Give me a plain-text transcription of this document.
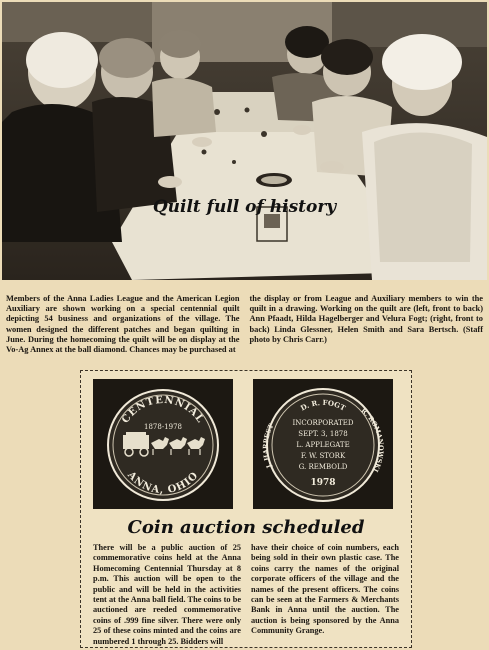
Quilt full of history
Members of the Anna Ladies League and the American Legion Auxiliary are shown working on a special centennial quilt depicting 54 business and organizations of the village. The women designed the different patches and began quilting in June. During the homecoming the quilt will be on display at the Vo-Ag Annex at the ball diamond. Chances may be purchased at
the display or from League and Auxiliary members to win the quilt in a drawing. Working on the quilt are (left, front to back) Ann Pfaadt, Hilda Hagelberger and Velura Fogt; (right, front to back) Linda Glessner, Helen Smith and Sara Bertsch. (Staff photo by Chris Carr.)
CENTENNIAL
1878-1978
ANNA, OHIO
D. R. FOGT
J. HARPEST
R. ROMANOWSKI
INCORPORATED
SEPT. 3, 1878
L. APPLEGATE
F. W. STORK
G. REMBOLD
1978
Coin auction scheduled
There will be a public auction of 25 commemorative coins held at the Anna Homecoming Centennial Thursday at 8 p.m. This auction will be open to the public and will be held in the activities tent at the Anna ball field. The coins to be auctioned are reeded commemorative coins of .999 fine silver. There were only 25 of these coins minted and the coins are numbered 1 through 25. Bidders will
have their choice of coin numbers, each being sold in their own plastic case. The coins carry the names of the original corporate officers of the village and the names of the present officers. The coins can be seen at the Farmers & Merchants Bank in Anna until the auction. The auction is being sponsored by the Anna Community Grange.
